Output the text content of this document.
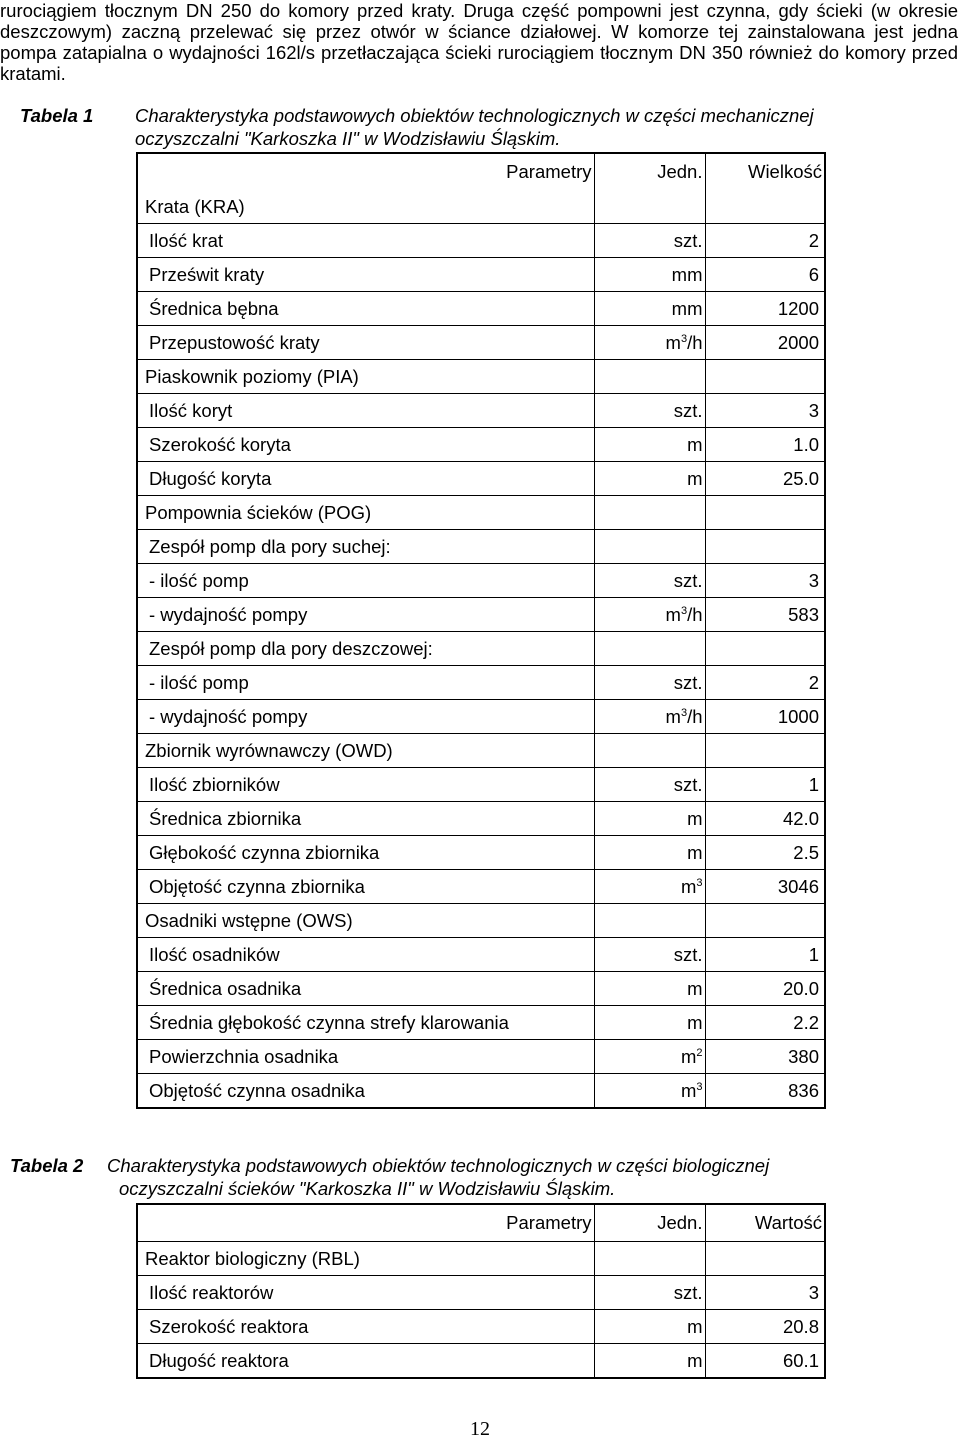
rurociągiem tłocznym DN 250 do komory przed kraty. Druga część pompowni jest czynna, gdy ścieki (w okresie deszczowym) zaczną przelewać się przez otwór w ściance działowej. W komorze tej zainstalowana jest jedna pompa zatapialna o wydajności 162l/s przetłaczająca ścieki rurociągiem tłocznym DN 350 również do komory przed kratami.

Tabela 1 Charakterystyka podstawowych obiektów technologicznych w części mechanicznej
oczyszczalni "Karkoszka II" w Wodzisławiu Śląskim.
Parametry	Jedn.	Wielkość
Krata (KRA)		
Ilość krat	szt.	2
Prześwit kraty	mm	6
Średnica bębna	mm	1200
Przepustowość kraty	$m^3/h$	2000
Piaskownik poziomy (PIA)		
Ilość koryt	szt.	3
Szerokość koryta	m	1.0
Długość koryta	m	25.0
Pompownia ścieków (POG)		
Zespół pomp dla pory suchej:		
- ilość pomp	szt.	3
- wydajność pompy	$m^3/h$	583
Zespół pomp dla pory deszczowej:		
- ilość pomp	szt.	2
- wydajność pompy	$m^3/h$	1000
Zbiornik wyrównawczy (OWD)		
Ilość zbiorników	szt.	1
Średnica zbiornika	m	42.0
Głębokość czynna zbiornika	m	2.5
Objętość czynna zbiornika	$m^3$	3046
Osadniki wstępne (OWS)		
Ilość osadników	szt.	1
Średnica osadnika	m	20.0
Średnia głębokość czynna strefy klarowania	m	2.2
Powierzchnia osadnika	$m^2$	380
Objętość czynna osadnika	$m^3$	836
Tabela 2 Charakterystyka podstawowych obiektów technologicznych w części biologicznej
oczyszczalni ścieków "Karkoszka II" w Wodzisławiu Śląskim.
Parametry	Jedn.	Wartość
Reaktor biologiczny (RBL)		
Ilość reaktorów	szt.	3
Szerokość reaktora	m	20.8
Długość reaktora	m	60.1
12
